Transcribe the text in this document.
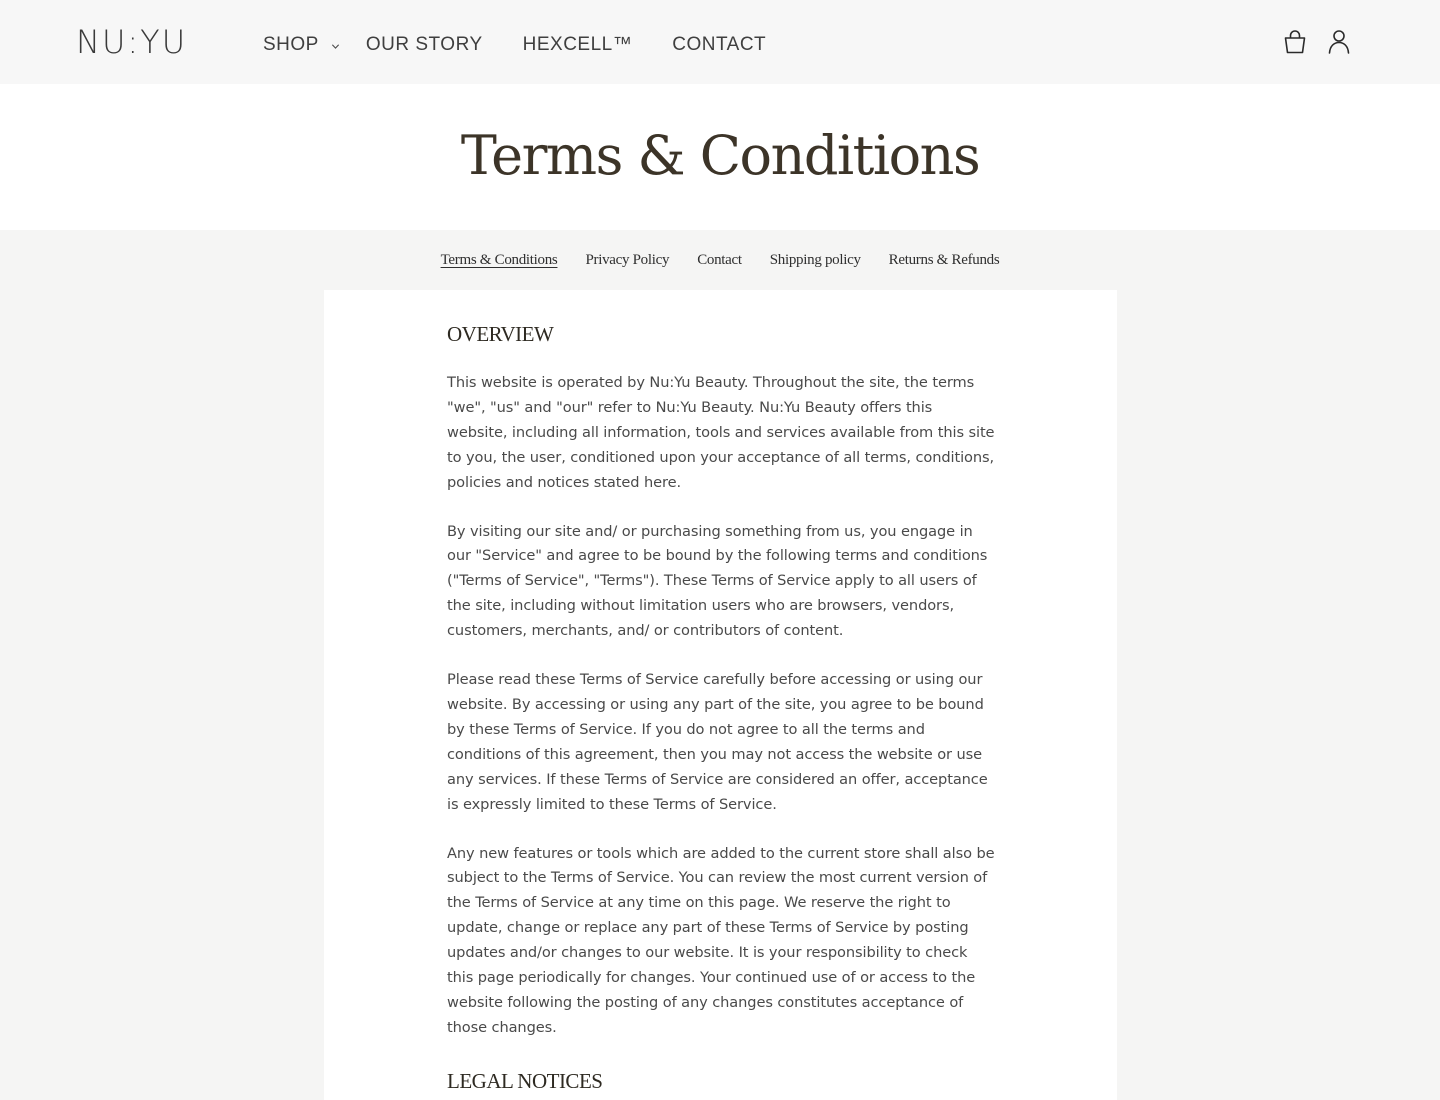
NU:YU	SHOP OUR STORY HEXCELL™ CONTACT
Terms & Conditions
Terms & Conditions Privacy Policy Contact Shipping policy Returns & Refunds
OVERVIEW

This website is operated by Nu:Yu Beauty. Throughout the site, the terms "we", "us" and "our" refer to Nu:Yu Beauty. Nu:Yu Beauty offers this website, including all information, tools and services available from this site to you, the user, conditioned upon your acceptance of all terms, conditions, policies and notices stated here.

By visiting our site and/ or purchasing something from us, you engage in our "Service" and agree to be bound by the following terms and conditions ("Terms of Service", "Terms"). These Terms of Service apply to all users of the site, including without limitation users who are browsers, vendors, customers, merchants, and/ or contributors of content.

Please read these Terms of Service carefully before accessing or using our website. By accessing or using any part of the site, you agree to be bound by these Terms of Service. If you do not agree to all the terms and conditions of this agreement, then you may not access the website or use any services. If these Terms of Service are considered an offer, acceptance is expressly limited to these Terms of Service.

Any new features or tools which are added to the current store shall also be subject to the Terms of Service. You can review the most current version of the Terms of Service at any time on this page. We reserve the right to update, change or replace any part of these Terms of Service by posting updates and/or changes to our website. It is your responsibility to check this page periodically for changes. Your continued use of or access to the website following the posting of any changes constitutes acceptance of those changes.

LEGAL NOTICES
